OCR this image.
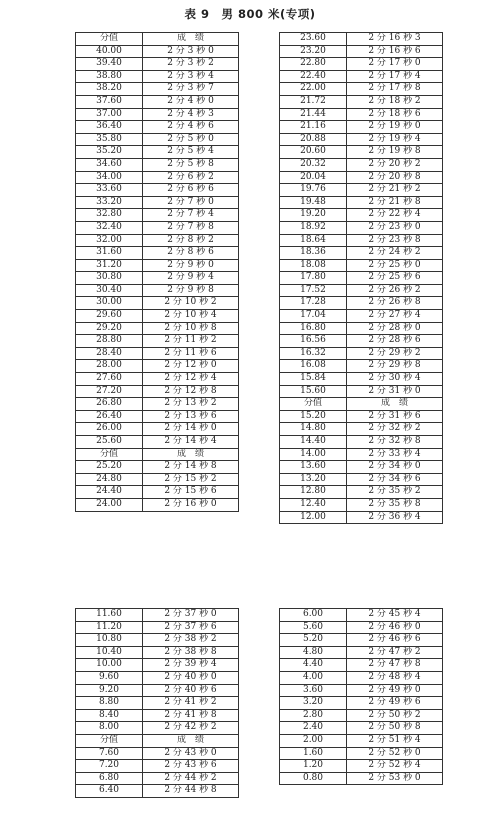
表 9　男 800 米(专项)
分值	成　绩
40.00	2 分 3 秒 0
39.40	2 分 3 秒 2
38.80	2 分 3 秒 4
38.20	2 分 3 秒 7
37.60	2 分 4 秒 0
37.00	2 分 4 秒 3
36.40	2 分 4 秒 6
35.80	2 分 5 秒 0
35.20	2 分 5 秒 4
34.60	2 分 5 秒 8
34.00	2 分 6 秒 2
33.60	2 分 6 秒 6
33.20	2 分 7 秒 0
32.80	2 分 7 秒 4
32.40	2 分 7 秒 8
32.00	2 分 8 秒 2
31.60	2 分 8 秒 6
31.20	2 分 9 秒 0
30.80	2 分 9 秒 4
30.40	2 分 9 秒 8
30.00	2 分 10 秒 2
29.60	2 分 10 秒 4
29.20	2 分 10 秒 8
28.80	2 分 11 秒 2
28.40	2 分 11 秒 6
28.00	2 分 12 秒 0
27.60	2 分 12 秒 4
27.20	2 分 12 秒 8
26.80	2 分 13 秒 2
26.40	2 分 13 秒 6
26.00	2 分 14 秒 0
25.60	2 分 14 秒 4
分值	成　绩
25.20	2 分 14 秒 8
24.80	2 分 15 秒 2
24.40	2 分 15 秒 6
24.00	2 分 16 秒 0
23.60	2 分 16 秒 3
23.20	2 分 16 秒 6
22.80	2 分 17 秒 0
22.40	2 分 17 秒 4
22.00	2 分 17 秒 8
21.72	2 分 18 秒 2
21.44	2 分 18 秒 6
21.16	2 分 19 秒 0
20.88	2 分 19 秒 4
20.60	2 分 19 秒 8
20.32	2 分 20 秒 2
20.04	2 分 20 秒 8
19.76	2 分 21 秒 2
19.48	2 分 21 秒 8
19.20	2 分 22 秒 4
18.92	2 分 23 秒 0
18.64	2 分 23 秒 8
18.36	2 分 24 秒 2
18.08	2 分 25 秒 0
17.80	2 分 25 秒 6
17.52	2 分 26 秒 2
17.28	2 分 26 秒 8
17.04	2 分 27 秒 4
16.80	2 分 28 秒 0
16.56	2 分 28 秒 6
16.32	2 分 29 秒 2
16.08	2 分 29 秒 8
15.84	2 分 30 秒 4
15.60	2 分 31 秒 0
分值	成　绩
15.20	2 分 31 秒 6
14.80	2 分 32 秒 2
14.40	2 分 32 秒 8
14.00	2 分 33 秒 4
13.60	2 分 34 秒 0
13.20	2 分 34 秒 6
12.80	2 分 35 秒 2
12.40	2 分 35 秒 8
12.00	2 分 36 秒 4
11.60	2 分 37 秒 0
11.20	2 分 37 秒 6
10.80	2 分 38 秒 2
10.40	2 分 38 秒 8
10.00	2 分 39 秒 4
9.60	2 分 40 秒 0
9.20	2 分 40 秒 6
8.80	2 分 41 秒 2
8.40	2 分 41 秒 8
8.00	2 分 42 秒 2
分值	成　绩
7.60	2 分 43 秒 0
7.20	2 分 43 秒 6
6.80	2 分 44 秒 2
6.40	2 分 44 秒 8
6.00	2 分 45 秒 4
5.60	2 分 46 秒 0
5.20	2 分 46 秒 6
4.80	2 分 47 秒 2
4.40	2 分 47 秒 8
4.00	2 分 48 秒 4
3.60	2 分 49 秒 0
3.20	2 分 49 秒 6
2.80	2 分 50 秒 2
2.40	2 分 50 秒 8
2.00	2 分 51 秒 4
1.60	2 分 52 秒 0
1.20	2 分 52 秒 4
0.80	2 分 53 秒 0
